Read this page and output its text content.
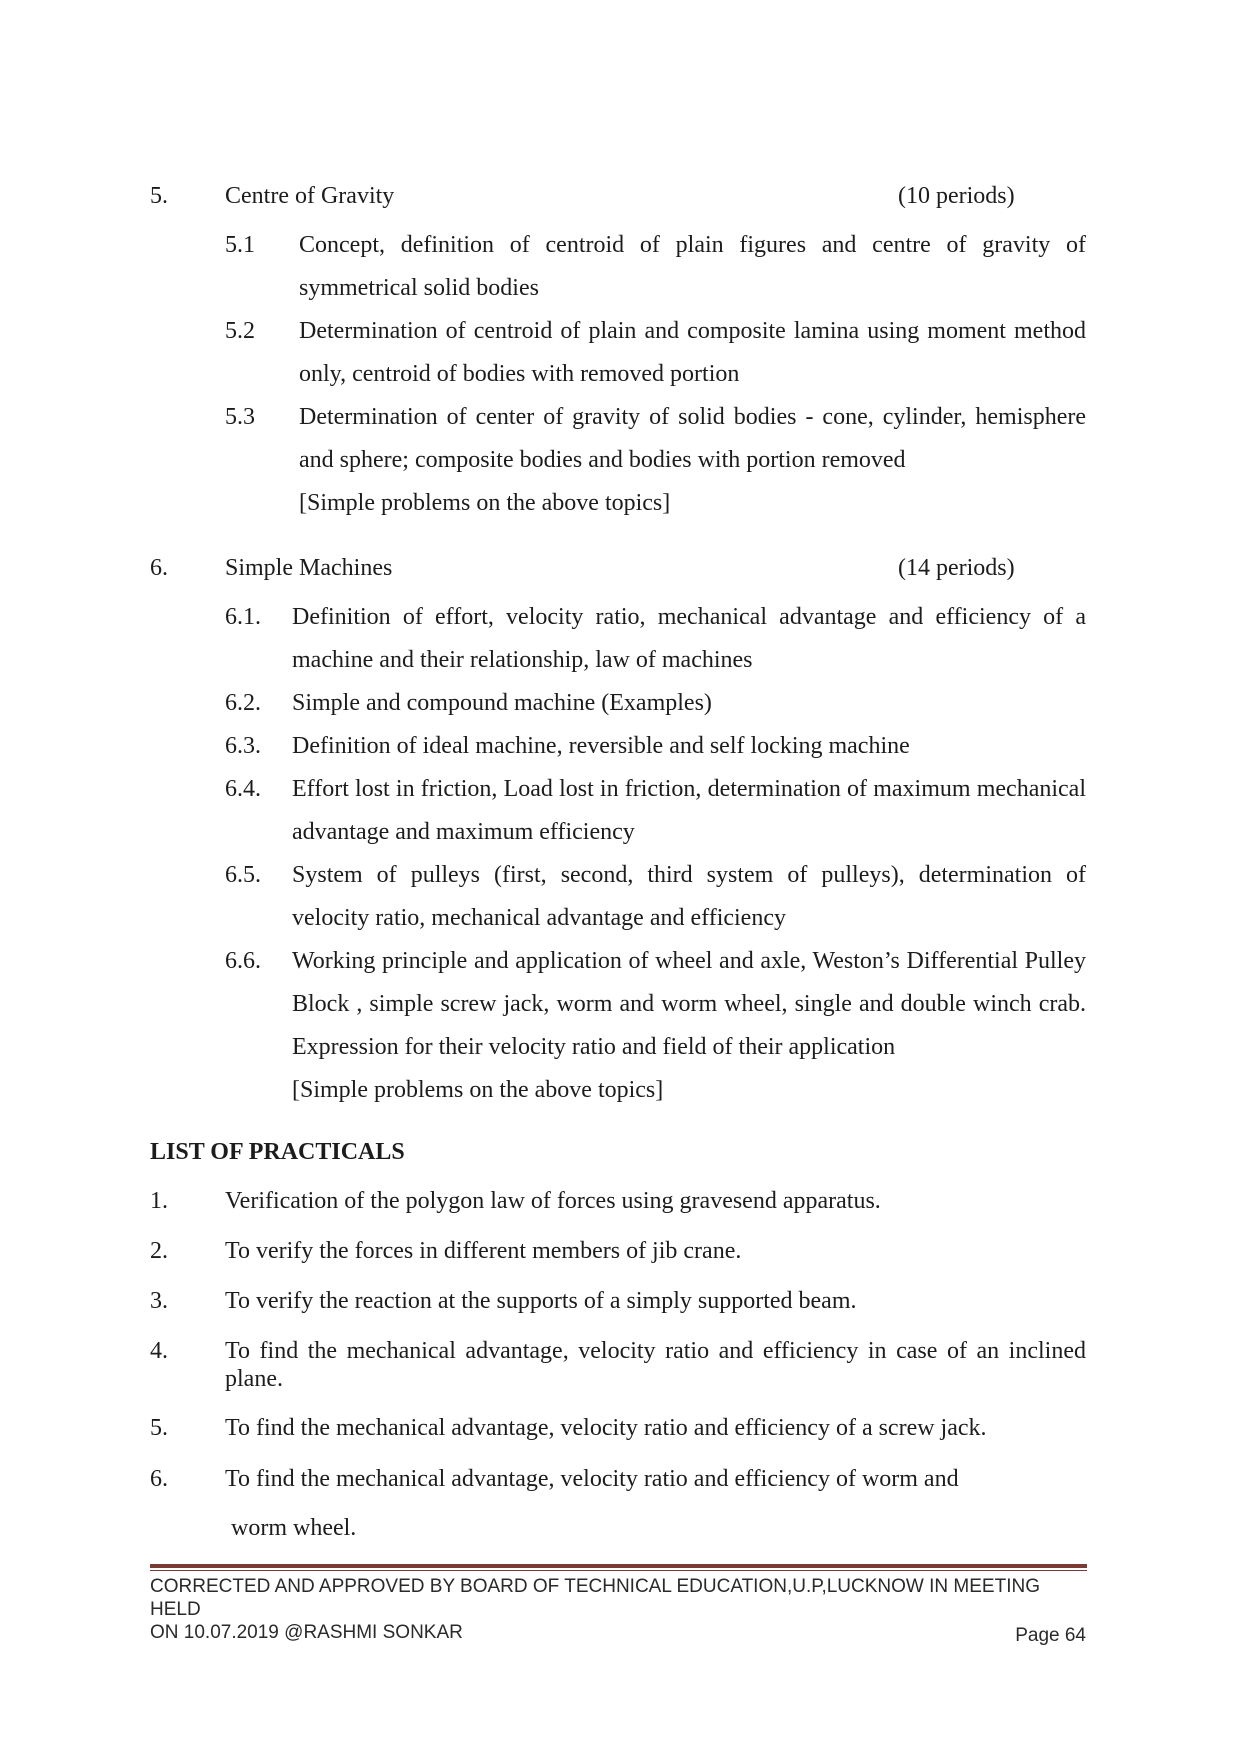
5. Centre of Gravity	(10 periods)
5.1 Concept, definition of centroid of plain figures and centre of gravity of symmetrical solid bodies
5.2 Determination of centroid of plain and composite lamina using moment method only, centroid of bodies with removed portion
5.3 Determination of center of gravity of solid bodies - cone, cylinder, hemisphere and sphere; composite bodies and bodies with portion removed
[Simple problems on the above topics]
6. Simple Machines	(14 periods)
6.1. Definition of effort, velocity ratio, mechanical advantage and efficiency of a machine and their relationship, law of machines
6.2. Simple and compound machine (Examples)
6.3. Definition of ideal machine, reversible and self locking machine
6.4. Effort lost in friction, Load lost in friction, determination of maximum mechanical advantage and maximum efficiency
6.5. System of pulleys (first, second, third system of pulleys), determination of velocity ratio, mechanical advantage and efficiency
6.6. Working principle and application of wheel and axle, Weston’s Differential Pulley Block , simple screw jack, worm and worm wheel, single and double winch crab. Expression for their velocity ratio and field of their application
[Simple problems on the above topics]
LIST OF PRACTICALS
1. Verification of the polygon law of forces using gravesend apparatus.
2. To verify the forces in different members of jib crane.
3. To verify the reaction at the supports of a simply supported beam.
4. To find the mechanical advantage, velocity ratio and efficiency in case of an inclined plane.
5. To find the mechanical advantage, velocity ratio and efficiency of a screw jack.
6. To find the mechanical advantage, velocity ratio and efficiency of worm and
worm wheel.
CORRECTED AND APPROVED BY BOARD OF TECHNICAL EDUCATION,U.P,LUCKNOW IN MEETING HELD
ON 10.07.2019 @RASHMI SONKAR	Page 64
